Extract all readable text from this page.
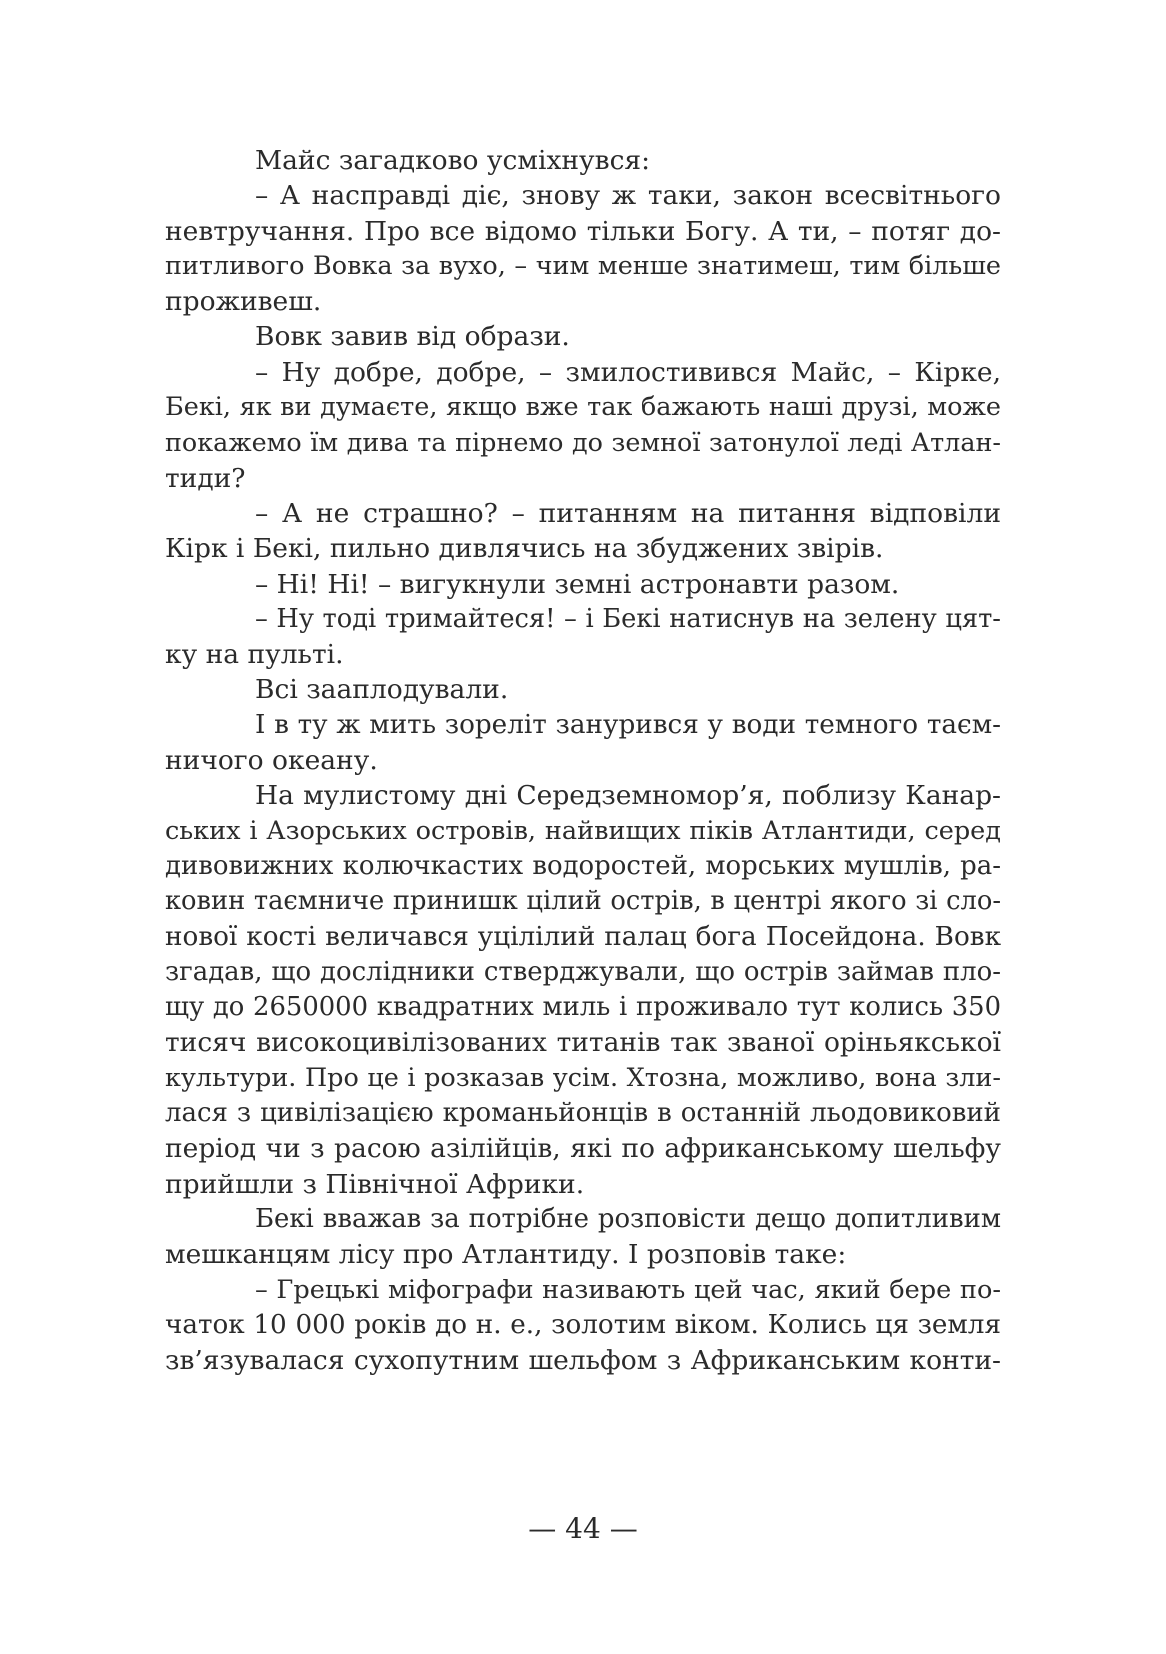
Майс загадково усміхнувся:
– А насправді діє, знову ж таки, закон всесвітнього
невтручання. Про все відомо тільки Богу. А ти, – потяг до-
питливого Вовка за вухо, – чим менше знатимеш, тим більше
проживеш.
Вовк завив від образи.
– Ну добре, добре, – змилостивився Майс, – Кірке,
Бекі, як ви думаєте, якщо вже так бажають наші друзі, може
покажемо їм дива та пірнемо до земної затонулої леді Атлан-
тиди?
– А не страшно? – питанням на питання відповіли
Кірк і Бекі, пильно дивлячись на збуджених звірів.
– Ні! Ні! – вигукнули земні астронавти разом.
– Ну тоді тримайтеся! – і Бекі натиснув на зелену цят-
ку на пульті.
Всі зааплодували.
І в ту ж мить зореліт занурився у води темного таєм-
ничого океану.
На мулистому дні Середземномор’я, поблизу Канар-
ських і Азорських островів, найвищих піків Атлантиди, серед
дивовижних колючкастих водоростей, морських мушлів, ра-
ковин таємниче принишк цілий острів, в центрі якого зі сло-
нової кості величався уцілілий палац бога Посейдона. Вовк
згадав, що дослідники стверджували, що острів займав пло-
щу до 2650000 квадратних миль і проживало тут колись 350
тисяч високоцивілізованих титанів так званої оріньякської
культури. Про це і розказав усім. Хтозна, можливо, вона зли-
лася з цивілізацією кроманьйонців в останній льодовиковий
період чи з расою азілійців, які по африканському шельфу
прийшли з Північної Африки.
Бекі вважав за потрібне розповісти дещо допитливим
мешканцям лісу про Атлантиду. І розповів таке:
– Грецькі міфографи називають цей час, який бере по-
чаток 10 000 років до н. е., золотим віком. Колись ця земля
зв’язувалася сухопутним шельфом з Африканським конти-
— 44 —
